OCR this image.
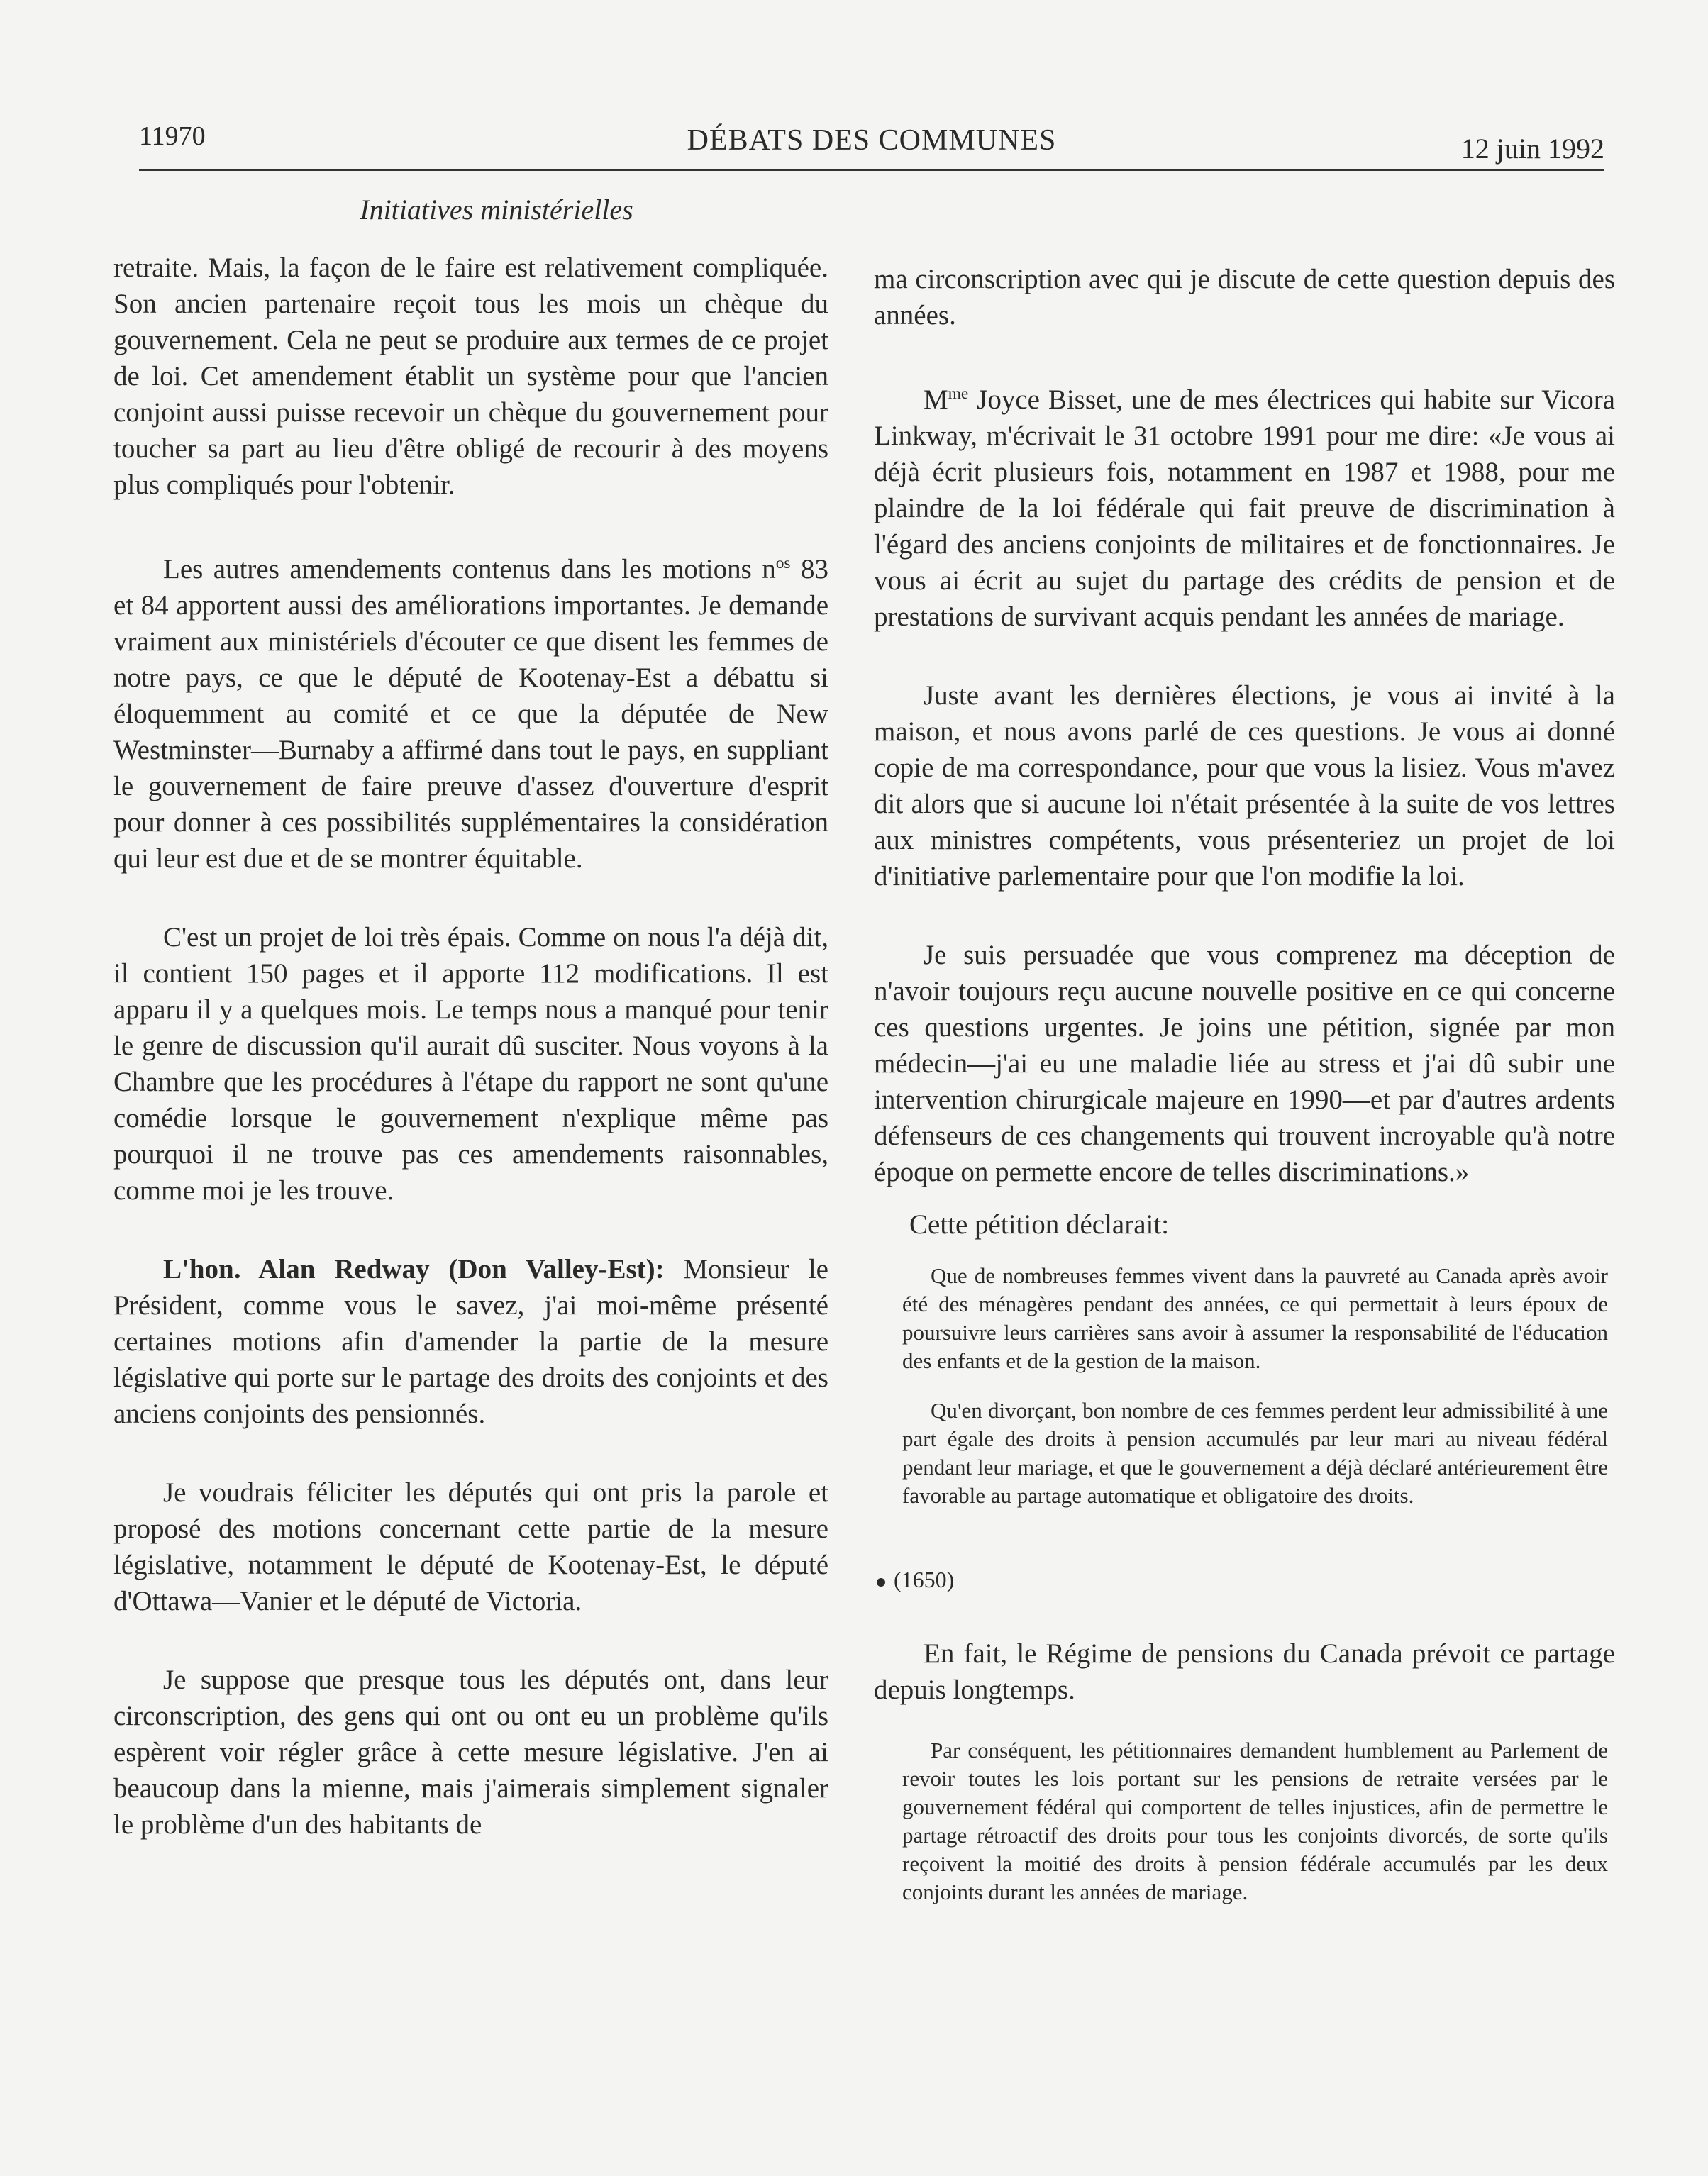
11970	DÉBATS DES COMMUNES	12 juin 1992
Initiatives ministérielles

retraite. Mais, la façon de le faire est relativement compliquée. Son ancien partenaire reçoit tous les mois un chèque du gouvernement. Cela ne peut se produire aux termes de ce projet de loi. Cet amendement établit un système pour que l'ancien conjoint aussi puisse recevoir un chèque du gouvernement pour toucher sa part au lieu d'être obligé de recourir à des moyens plus compliqués pour l'obtenir.

Les autres amendements contenus dans les motions $n^{os}$ 83 et 84 apportent aussi des améliorations importantes. Je demande vraiment aux ministériels d'écouter ce que disent les femmes de notre pays, ce que le député de Kootenay-Est a débattu si éloquemment au comité et ce que la députée de New Westminster—Burnaby a affirmé dans tout le pays, en suppliant le gouvernement de faire preuve d'assez d'ouverture d'esprit pour donner à ces possibilités supplémentaires la considération qui leur est due et de se montrer équitable.

C'est un projet de loi très épais. Comme on nous l'a déjà dit, il contient 150 pages et il apporte 112 modifications. Il est apparu il y a quelques mois. Le temps nous a manqué pour tenir le genre de discussion qu'il aurait dû susciter. Nous voyons à la Chambre que les procédures à l'étape du rapport ne sont qu'une comédie lorsque le gouvernement n'explique même pas pourquoi il ne trouve pas ces amendements raisonnables, comme moi je les trouve.

L'hon. Alan Redway (Don Valley-Est): Monsieur le Président, comme vous le savez, j'ai moi-même présenté certaines motions afin d'amender la partie de la mesure législative qui porte sur le partage des droits des conjoints et des anciens conjoints des pensionnés.

Je voudrais féliciter les députés qui ont pris la parole et proposé des motions concernant cette partie de la mesure législative, notamment le député de Kootenay-Est, le député d'Ottawa—Vanier et le député de Victoria.

Je suppose que presque tous les députés ont, dans leur circonscription, des gens qui ont ou ont eu un problème qu'ils espèrent voir régler grâce à cette mesure législative. J'en ai beaucoup dans la mienne, mais j'aimerais simplement signaler le problème d'un des habitants de

ma circonscription avec qui je discute de cette question depuis des années.

$M^{me}$ Joyce Bisset, une de mes électrices qui habite sur Vicora Linkway, m'écrivait le 31 octobre 1991 pour me dire: «Je vous ai déjà écrit plusieurs fois, notamment en 1987 et 1988, pour me plaindre de la loi fédérale qui fait preuve de discrimination à l'égard des anciens conjoints de militaires et de fonctionnaires. Je vous ai écrit au sujet du partage des crédits de pension et de prestations de survivant acquis pendant les années de mariage.

Juste avant les dernières élections, je vous ai invité à la maison, et nous avons parlé de ces questions. Je vous ai donné copie de ma correspondance, pour que vous la lisiez. Vous m'avez dit alors que si aucune loi n'était présentée à la suite de vos lettres aux ministres compétents, vous présenteriez un projet de loi d'initiative parlementaire pour que l'on modifie la loi.

Je suis persuadée que vous comprenez ma déception de n'avoir toujours reçu aucune nouvelle positive en ce qui concerne ces questions urgentes. Je joins une pétition, signée par mon médecin—j'ai eu une maladie liée au stress et j'ai dû subir une intervention chirurgicale majeure en 1990—et par d'autres ardents défenseurs de ces changements qui trouvent incroyable qu'à notre époque on permette encore de telles discriminations.»

Cette pétition déclarait:

Que de nombreuses femmes vivent dans la pauvreté au Canada après avoir été des ménagères pendant des années, ce qui permettait à leurs époux de poursuivre leurs carrières sans avoir à assumer la responsabilité de l'éducation des enfants et de la gestion de la maison.

Qu'en divorçant, bon nombre de ces femmes perdent leur admissibilité à une part égale des droits à pension accumulés par leur mari au niveau fédéral pendant leur mariage, et que le gouvernement a déjà déclaré antérieurement être favorable au partage automatique et obligatoire des droits.

(1650)

En fait, le Régime de pensions du Canada prévoit ce partage depuis longtemps.

Par conséquent, les pétitionnaires demandent humblement au Parlement de revoir toutes les lois portant sur les pensions de retraite versées par le gouvernement fédéral qui comportent de telles injustices, afin de permettre le partage rétroactif des droits pour tous les conjoints divorcés, de sorte qu'ils reçoivent la moitié des droits à pension fédérale accumulés par les deux conjoints durant les années de mariage.
